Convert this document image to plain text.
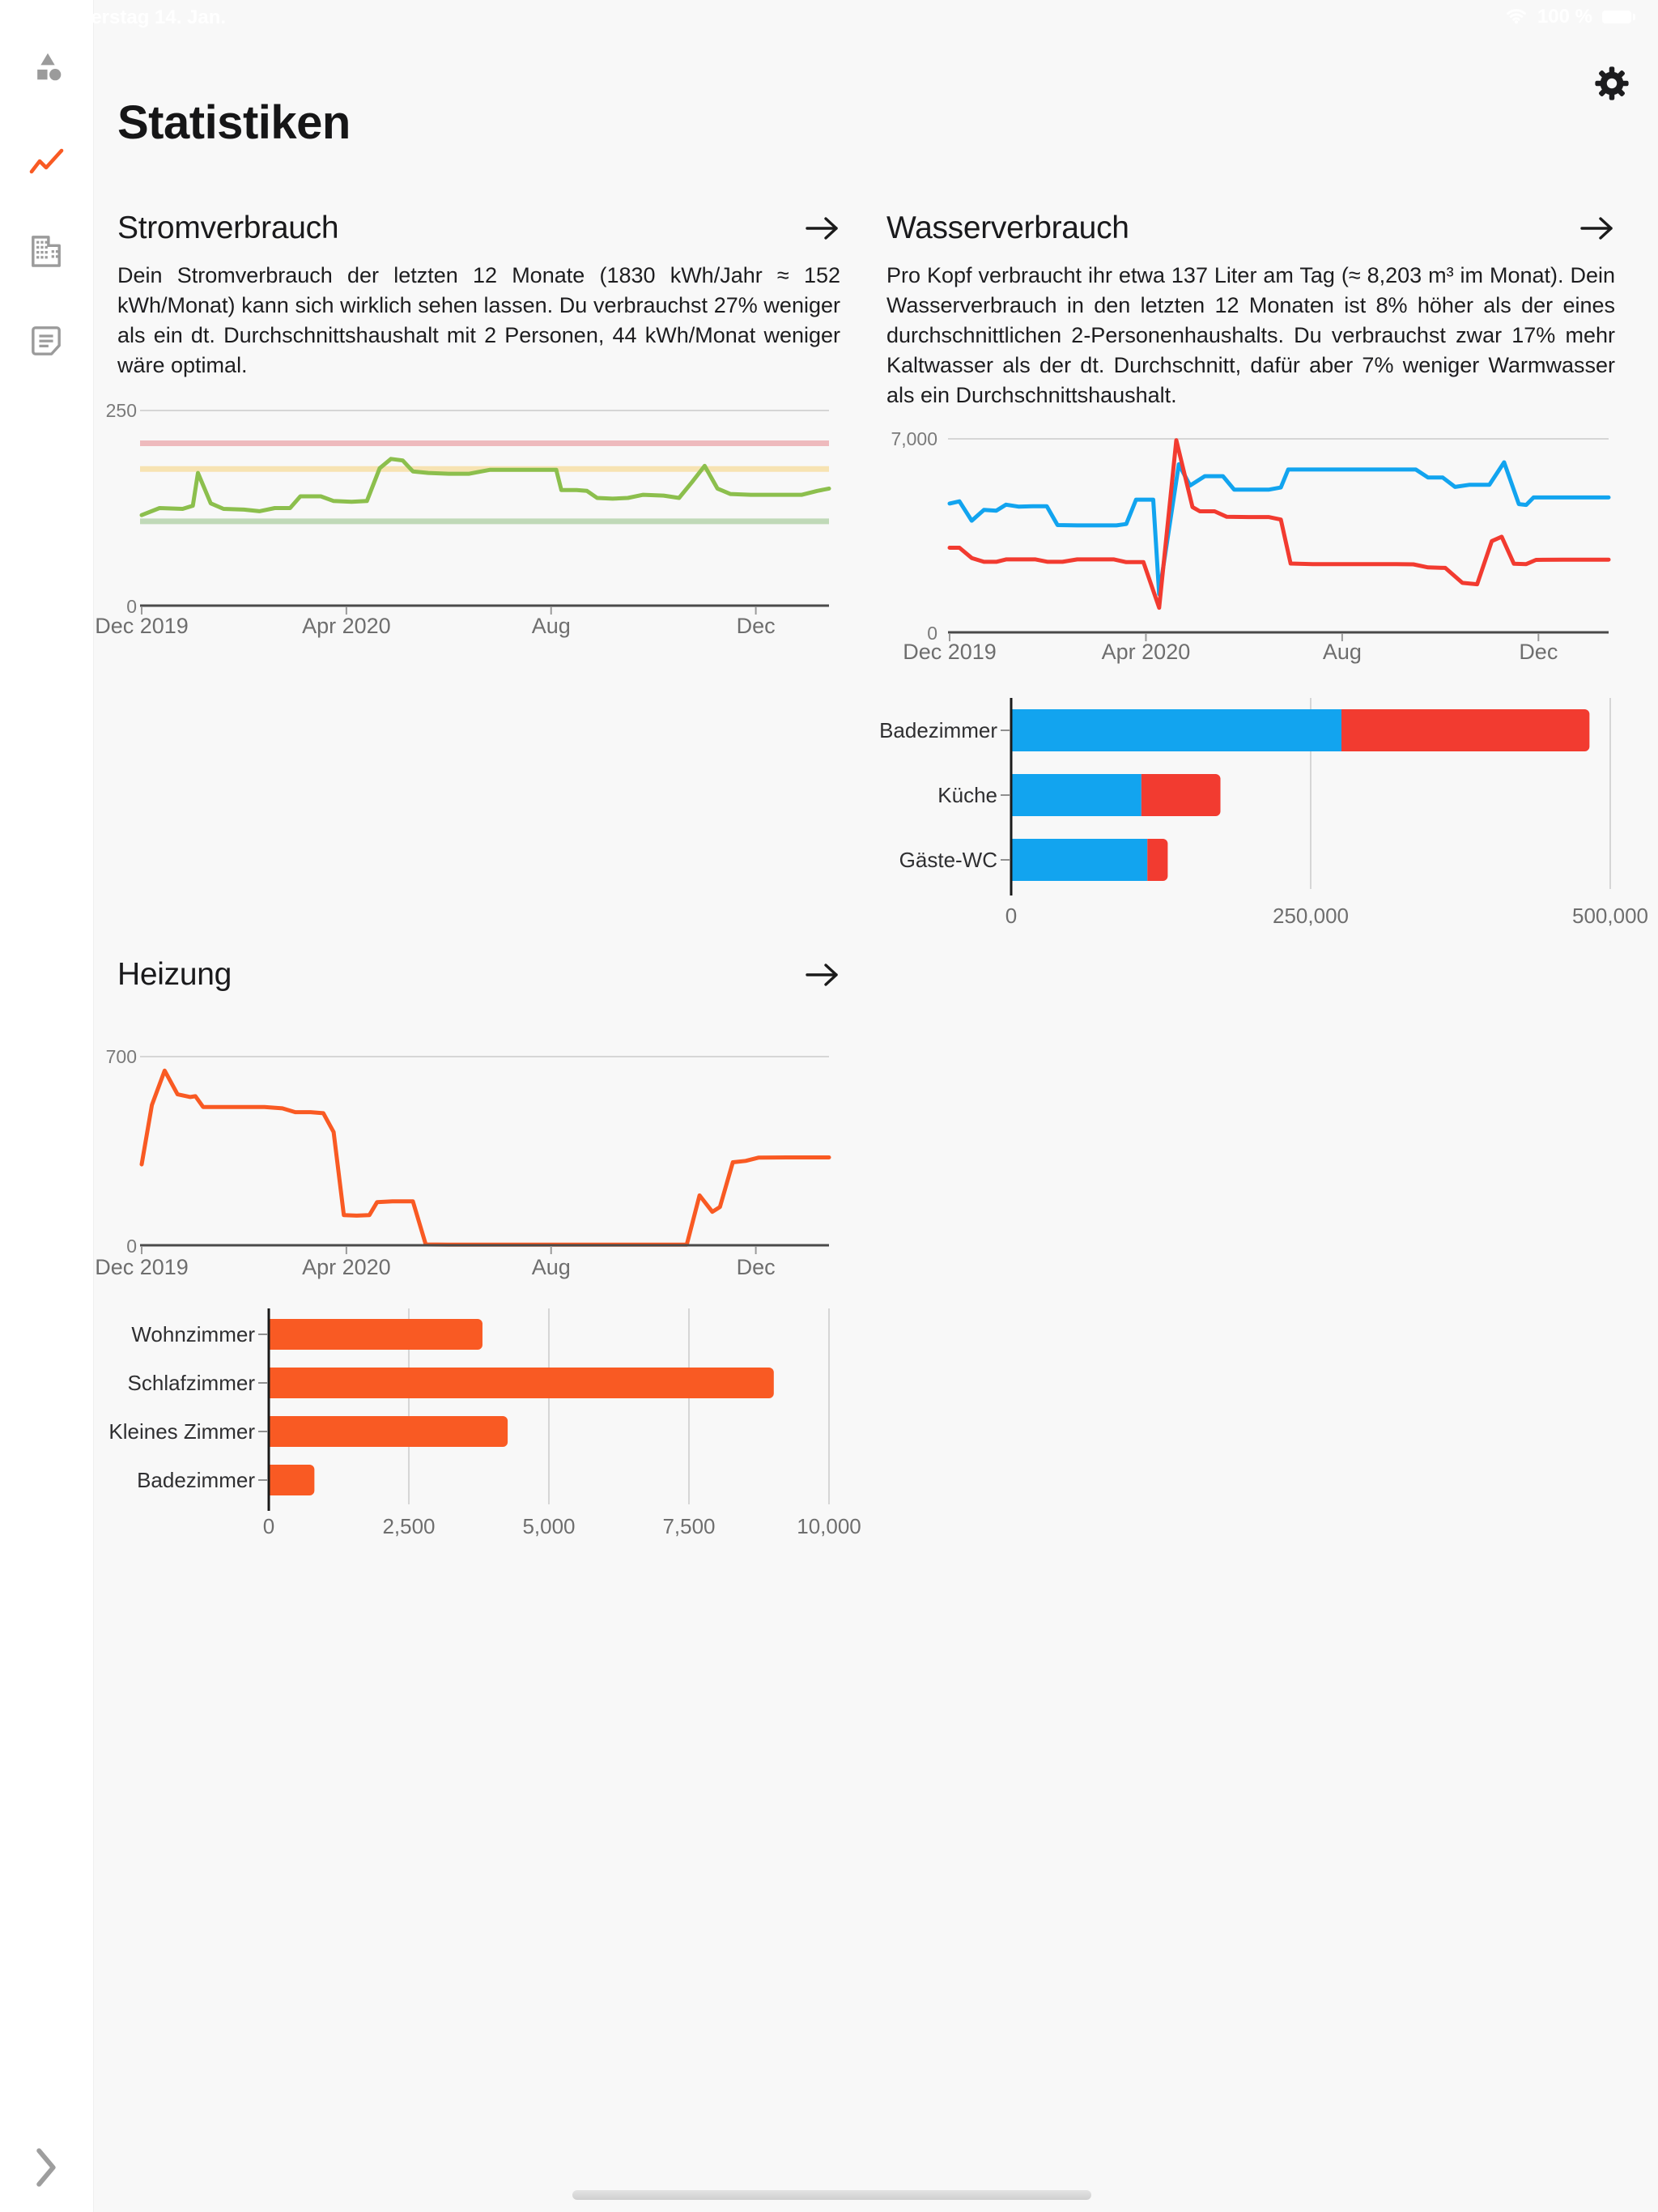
Donnerstag 14. Jan.	100 %
Statistiken
Stromverbrauch

Dein Stromverbrauch der letzten 12 Monate (1830 kWh/Jahr ≈ 152 kWh/Monat) kann sich wirklich sehen lassen. Du verbrauchst 27% weniger als ein dt. Durchschnittshaushalt mit 2 Personen, 44 kWh/Monat weniger wäre optimal.

250
0
Dec 2019	Apr 2020	Aug	Dec
Wasserverbrauch

Pro Kopf verbraucht ihr etwa 137 Liter am Tag (≈ 8,203 m³ im Monat). Dein Wasserverbrauch in den letzten 12 Monaten ist 8% höher als der eines durchschnittlichen 2-Personenhaushalts. Du verbrauchst zwar 17% mehr Kaltwasser als der dt. Durchschnitt, dafür aber 7% weniger Warmwasser als ein Durchschnittshaushalt.

7,000
0
Dec 2019	Apr 2020	Aug	Dec
Badezimmer
Küche
Gäste-WC
0	250,000	500,000
Heizung
700
0
Dec 2019	Apr 2020	Aug	Dec
Wohnzimmer
Schlafzimmer
Kleines Zimmer
Badezimmer
0	2,500	5,000	7,500	10,000
